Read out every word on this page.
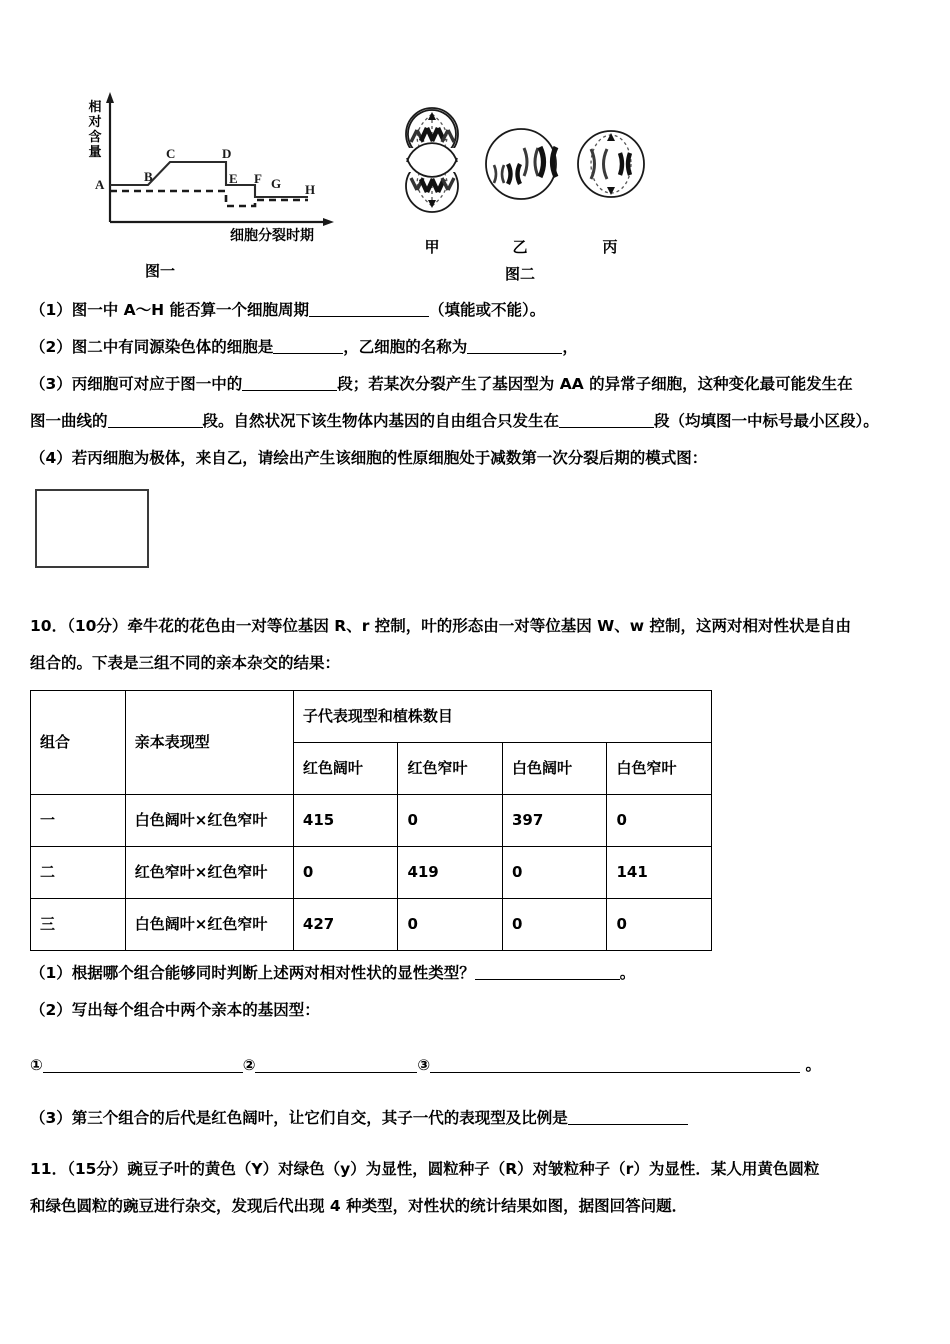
相
对
含
量
A
B
C	D
E F G H
细胞分裂时期
图一
甲	乙	丙
图二

（1）图一中 A～H 能否算一个细胞周期	（填能或不能）。

（2）图二中有同源染色体的细胞是	，乙细胞的名称为	，

（3）丙细胞可对应于图一中的	段；若某次分裂产生了基因型为 AA 的异常子细胞，这种变化最可能发生在

图一曲线的	段。自然状况下该生物体内基因的自由组合只发生在	段（均填图一中标号最小区段）。

（4）若丙细胞为极体，来自乙，请绘出产生该细胞的性原细胞处于减数第一次分裂后期的模式图：

10．（10分）牵牛花的花色由一对等位基因 R、r 控制，叶的形态由一对等位基因 W、w 控制，这两对相对性状是自由

组合的。下表是三组不同的亲本杂交的结果：

组合	亲本表现型	子代表现型和植株数目			
		红色阔叶	红色窄叶	白色阔叶	白色窄叶
一	白色阔叶×红色窄叶	415	0	397	0
二	红色窄叶×红色窄叶	0	419	0	141
三	白色阔叶×红色窄叶	427	0	0	0

（1）根据哪个组合能够同时判断上述两对相对性状的显性类型？	。

（2）写出每个组合中两个亲本的基因型：

①	②	③	。

（3）第三个组合的后代是红色阔叶，让它们自交，其子一代的表现型及比例是

11．（15分）豌豆子叶的黄色（Y）对绿色（y）为显性，圆粒种子（R）对皱粒种子（r）为显性．某人用黄色圆粒

和绿色圆粒的豌豆进行杂交，发现后代出现 4 种类型，对性状的统计结果如图，据图回答问题．
